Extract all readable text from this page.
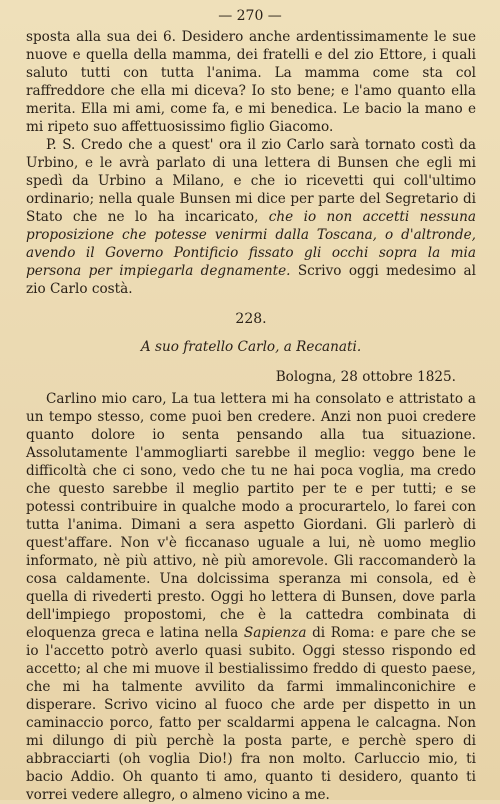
— 270 —

sposta alla sua dei 6. Desidero anche ardentissimamente le sue nuove e quella della mamma, dei fratelli e del zio Ettore, i quali saluto tutti con tutta l'anima. La mamma come sta col raffreddore che ella mi diceva? Io sto bene; e l'amo quanto ella merita. Ella mi ami, come fa, e mi benedica. Le bacio la mano e mi ripeto suo affettuosissimo figlio Giacomo.

P. S. Credo che a quest' ora il zio Carlo sarà tornato costì da Urbino, e le avrà parlato di una lettera di Bunsen che egli mi spedì da Urbino a Milano, e che io ricevetti qui coll'ultimo ordinario; nella quale Bunsen mi dice per parte del Segretario di Stato che ne lo ha incaricato, che io non accetti nessuna proposizione che potesse venirmi dalla Toscana, o d'altronde, avendo il Governo Pontificio fissato gli occhi sopra la mia persona per impiegarla degnamente. Scrivo oggi medesimo al zio Carlo costà.

228.

A suo fratello Carlo, a Recanati.

Bologna, 28 ottobre 1825.

Carlino mio caro, La tua lettera mi ha consolato e attristato a un tempo stesso, come puoi ben credere. Anzi non puoi credere quanto dolore io senta pensando alla tua situazione. Assolutamente l'ammogliarti sarebbe il meglio: veggo bene le difficoltà che ci sono, vedo che tu ne hai poca voglia, ma credo che questo sarebbe il meglio partito per te e per tutti; e se potessi contribuire in qualche modo a procurartelo, lo farei con tutta l'anima. Dimani a sera aspetto Giordani. Gli parlerò di quest'affare. Non v'è ficcanaso uguale a lui, nè uomo meglio informato, nè più attivo, nè più amorevole. Gli raccomanderò la cosa caldamente. Una dolcissima speranza mi consola, ed è quella di rivederti presto. Oggi ho lettera di Bunsen, dove parla dell'impiego propostomi, che è la cattedra combinata di eloquenza greca e latina nella Sapienza di Roma: e pare che se io l'accetto potrò averlo quasi subito. Oggi stesso rispondo ed accetto; al che mi muove il bestialissimo freddo di questo paese, che mi ha talmente avvilito da farmi immalinconichire e disperare. Scrivo vicino al fuoco che arde per dispetto in un caminaccio porco, fatto per scaldarmi appena le calcagna. Non mi dilungo di più perchè la posta parte, e perchè spero di abbracciarti (oh voglia Dio!) fra non molto. Carluccio mio, ti bacio Addio. Oh quanto ti amo, quanto ti desidero, quanto ti vorrei vedere allegro, o almeno vicino a me.
